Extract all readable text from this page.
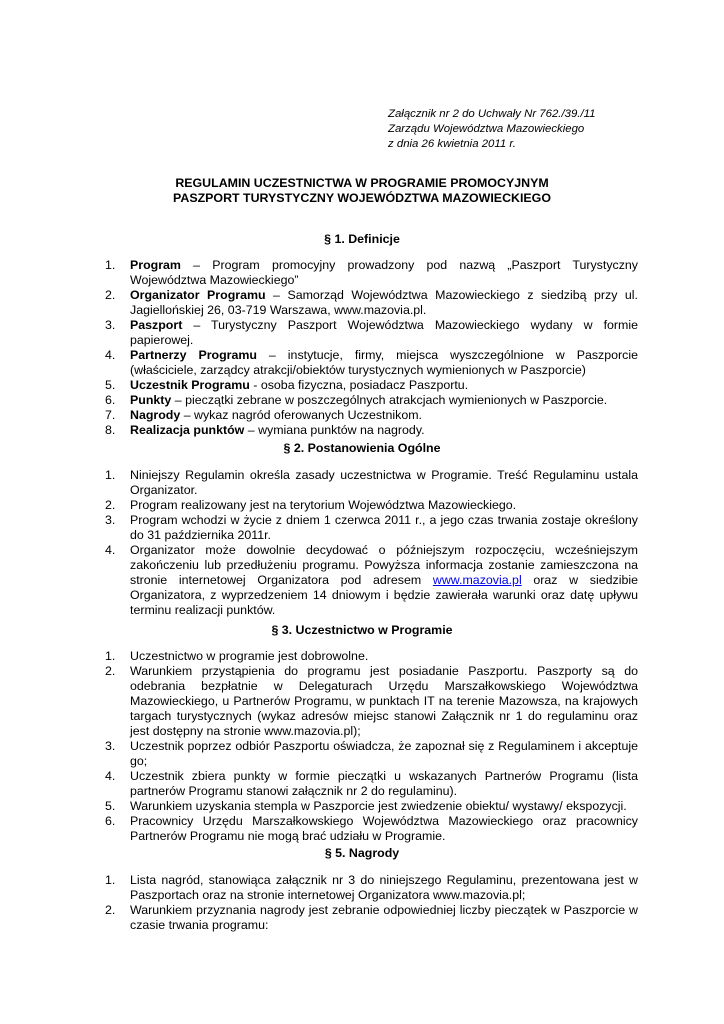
Załącznik nr 2 do Uchwały Nr 762./39./11
Zarządu Województwa Mazowieckiego
z dnia 26 kwietnia 2011 r.
REGULAMIN UCZESTNICTWA W PROGRAMIE PROMOCYJNYM
PASZPORT TURYSTYCZNY WOJEWÓDZTWA MAZOWIECKIEGO
§ 1. Definicje
1.	Program – Program promocyjny prowadzony pod nazwą „Paszport Turystyczny Województwa Mazowieckiego”
2.	Organizator Programu – Samorząd Województwa Mazowieckiego z siedzibą przy ul. Jagiellońskiej 26, 03-719 Warszawa, www.mazovia.pl.
3.	Paszport – Turystyczny Paszport Województwa Mazowieckiego wydany w formie papierowej.
4.	Partnerzy Programu – instytucje, firmy, miejsca wyszczególnione w Paszporcie (właściciele, zarządcy atrakcji/obiektów turystycznych wymienionych w Paszporcie)
5.	Uczestnik Programu - osoba fizyczna, posiadacz Paszportu.
6.	Punkty – pieczątki zebrane w poszczególnych atrakcjach wymienionych w Paszporcie.
7.	Nagrody – wykaz nagród oferowanych Uczestnikom.
8.	Realizacja punktów – wymiana punktów na nagrody.
§ 2. Postanowienia Ogólne
1.	Niniejszy Regulamin określa zasady uczestnictwa w Programie. Treść Regulaminu ustala Organizator.
2.	Program realizowany jest na terytorium Województwa Mazowieckiego.
3.	Program wchodzi w życie z dniem 1 czerwca 2011 r., a jego czas trwania zostaje określony do 31 października 2011r.
4.	Organizator może dowolnie decydować o późniejszym rozpoczęciu, wcześniejszym zakończeniu lub przedłużeniu programu. Powyższa informacja zostanie zamieszczona na stronie internetowej Organizatora pod adresem www.mazovia.pl oraz w siedzibie Organizatora, z wyprzedzeniem 14 dniowym i będzie zawierała warunki oraz datę upływu terminu realizacji punktów.
§ 3. Uczestnictwo w Programie
1.	Uczestnictwo w programie jest dobrowolne.
2.	Warunkiem przystąpienia do programu jest posiadanie Paszportu. Paszporty są do odebrania bezpłatnie w Delegaturach Urzędu Marszałkowskiego Województwa Mazowieckiego, u Partnerów Programu, w punktach IT na terenie Mazowsza, na krajowych targach turystycznych (wykaz adresów miejsc stanowi Załącznik nr 1 do regulaminu oraz jest dostępny na stronie www.mazovia.pl);
3.	Uczestnik poprzez odbiór Paszportu oświadcza, że zapoznał się z Regulaminem i akceptuje go;
4.	Uczestnik zbiera punkty w formie pieczątki u wskazanych Partnerów Programu (lista partnerów Programu stanowi załącznik nr 2 do regulaminu).
5.	Warunkiem uzyskania stempla w Paszporcie jest zwiedzenie obiektu/ wystawy/ ekspozycji.
6.	Pracownicy Urzędu Marszałkowskiego Województwa Mazowieckiego oraz pracownicy Partnerów Programu nie mogą brać udziału w Programie.
§ 5. Nagrody
1.	Lista nagród, stanowiąca załącznik nr 3 do niniejszego Regulaminu, prezentowana jest w Paszportach oraz na stronie internetowej Organizatora www.mazovia.pl;
2.	Warunkiem przyznania nagrody jest zebranie odpowiedniej liczby pieczątek w Paszporcie w czasie trwania programu:
